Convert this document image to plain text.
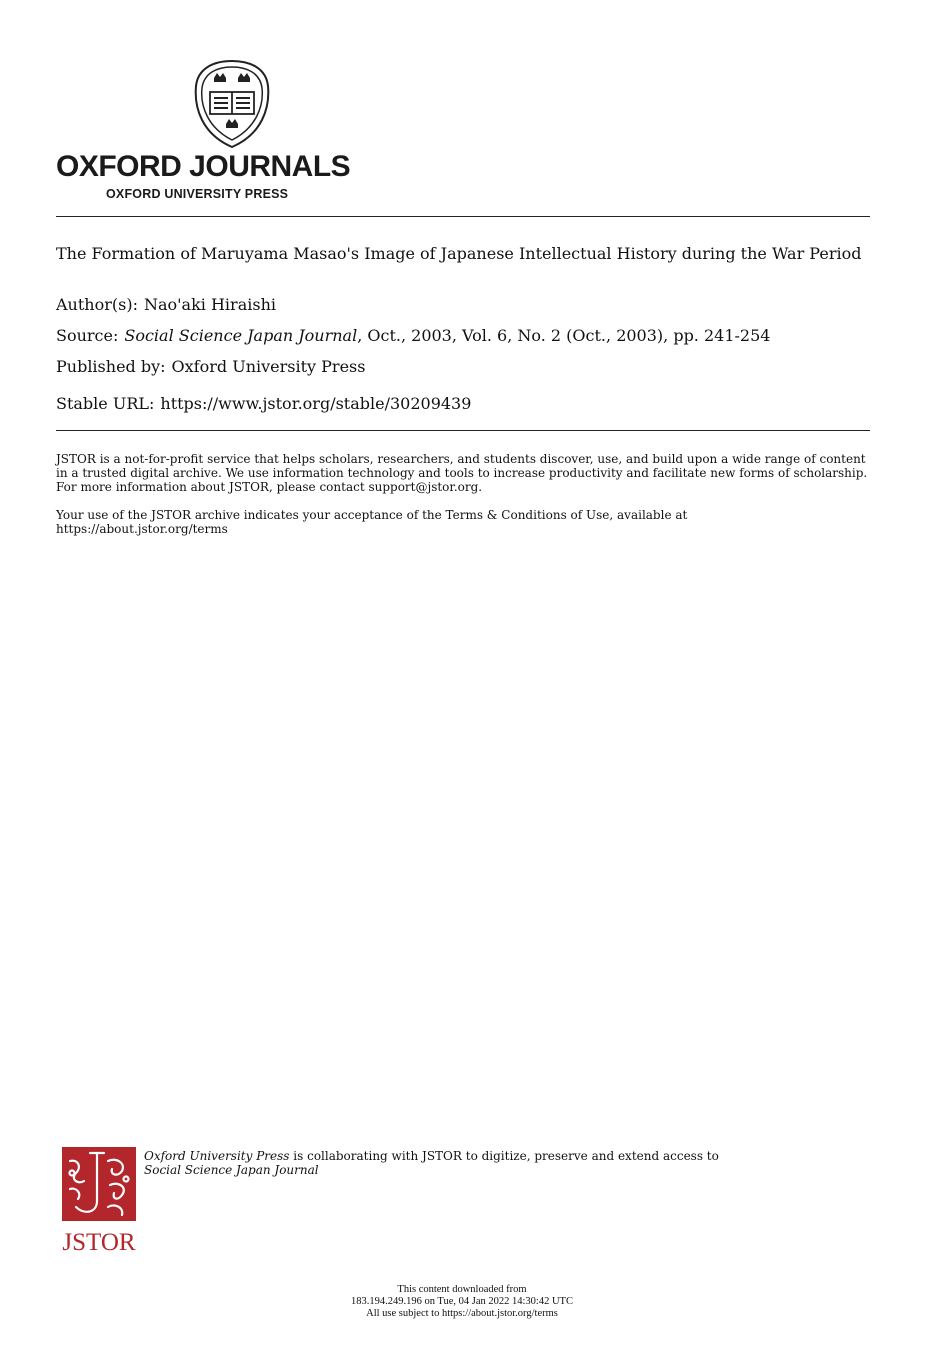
OXFORD JOURNALS
OXFORD UNIVERSITY PRESS
The Formation of Maruyama Masao's Image of Japanese Intellectual History during the War Period
Author(s): Nao'aki Hiraishi
Source: Social Science Japan Journal, Oct., 2003, Vol. 6, No. 2 (Oct., 2003), pp. 241-254
Published by: Oxford University Press
Stable URL: https://www.jstor.org/stable/30209439
JSTOR is a not-for-profit service that helps scholars, researchers, and students discover, use, and build upon a wide range of content in a trusted digital archive. We use information technology and tools to increase productivity and facilitate new forms of scholarship. For more information about JSTOR, please contact support@jstor.org.
Your use of the JSTOR archive indicates your acceptance of the Terms & Conditions of Use, available at
https://about.jstor.org/terms
JSTOR
Oxford University Press is collaborating with JSTOR to digitize, preserve and extend access to
Social Science Japan Journal
This content downloaded from
183.194.249.196 on Tue, 04 Jan 2022 14:30:42 UTC
All use subject to https://about.jstor.org/terms
